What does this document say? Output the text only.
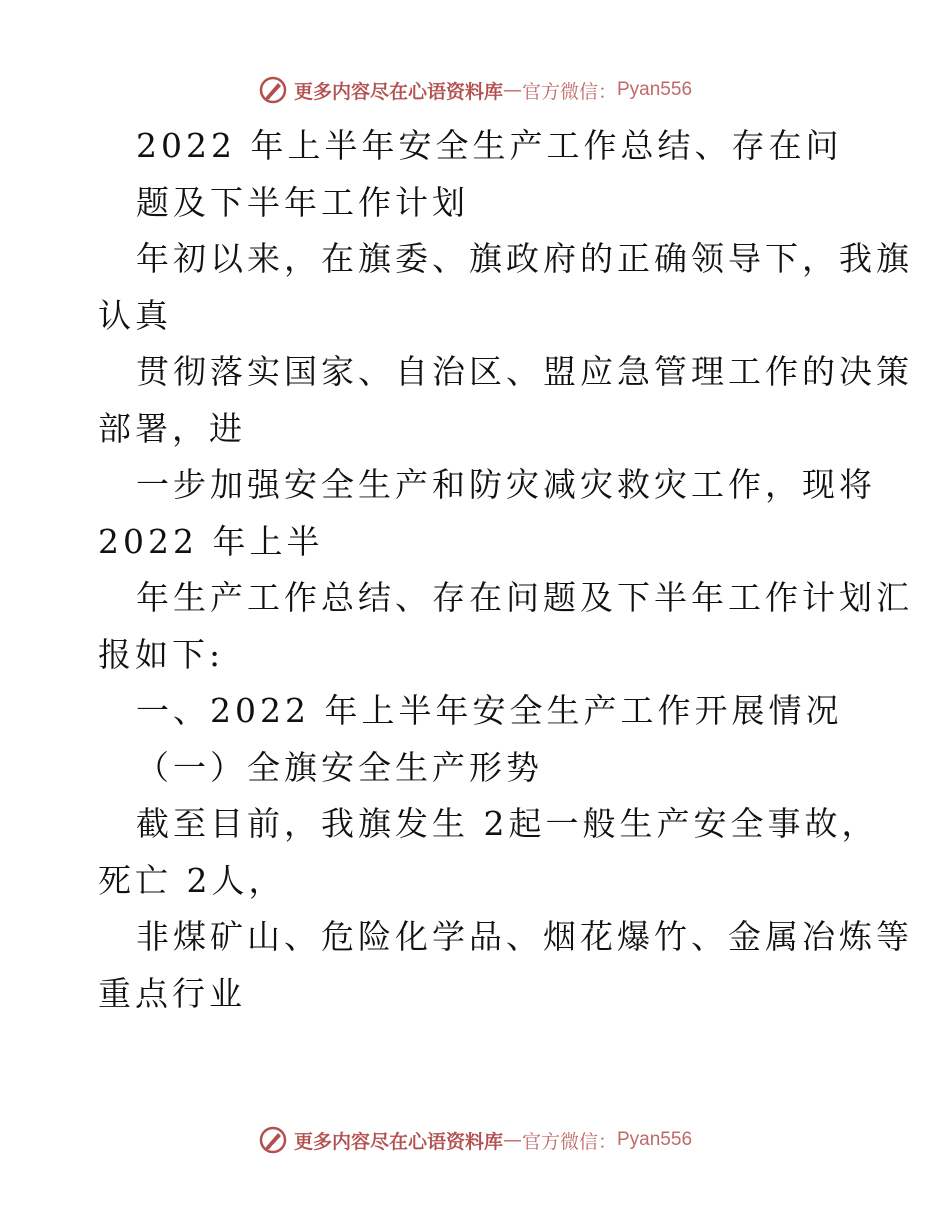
更多内容尽在心语资料库 — 官方微信： Pyan556
2022 年上半年安全生产工作总结、存在问
题及下半年工作计划
年初以来，在旗委、旗政府的正确领导下，我旗
认真
贯彻落实国家、自治区、盟应急管理工作的决策
部署，进
一步加强安全生产和防灾减灾救灾工作，现将
2022 年上半
年生产工作总结、存在问题及下半年工作计划汇
报如下:
一、2022 年上半年安全生产工作开展情况
（一）全旗安全生产形势
截至目前，我旗发生 2起一般生产安全事故，
死亡 2人，
非煤矿山、危险化学品、烟花爆竹、金属冶炼等
重点行业
更多内容尽在心语资料库 — 官方微信： Pyan556
